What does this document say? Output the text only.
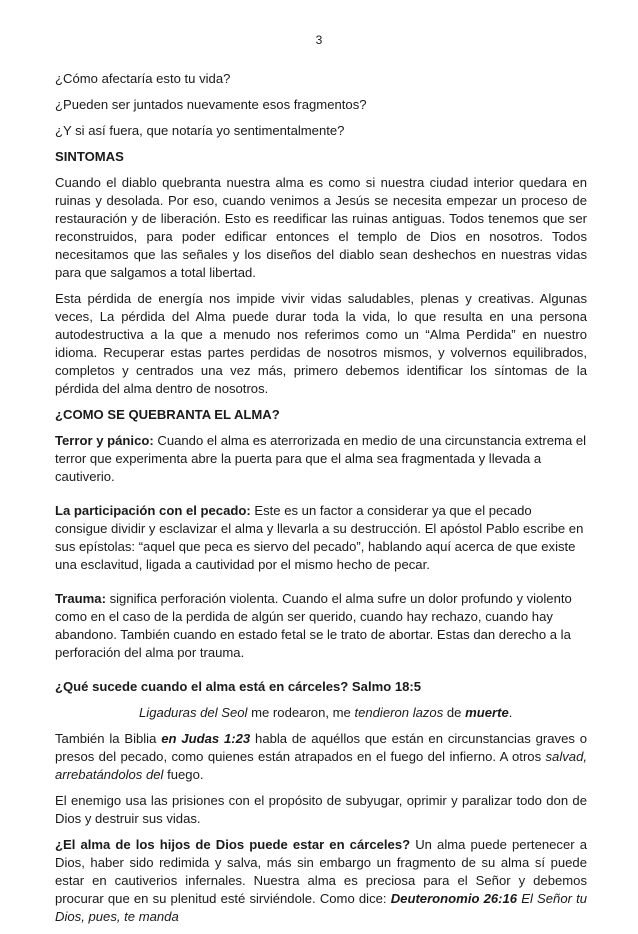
3

¿Cómo afectaría esto tu vida?

¿Pueden ser juntados nuevamente esos fragmentos?

¿Y si así fuera, que notaría yo sentimentalmente?

SINTOMAS

Cuando el diablo quebranta nuestra alma es como si nuestra ciudad interior quedara en ruinas y desolada. Por eso, cuando venimos a Jesús se necesita empezar un proceso de restauración y de liberación. Esto es reedificar las ruinas antiguas. Todos tenemos que ser reconstruidos, para poder edificar entonces el templo de Dios en nosotros. Todos necesitamos que las señales y los diseños del diablo sean deshechos en nuestras vidas para que salgamos a total libertad.

Esta pérdida de energía nos impide vivir vidas saludables, plenas y creativas. Algunas veces, La pérdida del Alma puede durar toda la vida, lo que resulta en una persona autodestructiva a la que a menudo nos referimos como un “Alma Perdida” en nuestro idioma. Recuperar estas partes perdidas de nosotros mismos, y volvernos equilibrados, completos y centrados una vez más, primero debemos identificar los síntomas de la pérdida del alma dentro de nosotros.

¿COMO SE QUEBRANTA EL ALMA?

Terror y pánico: Cuando el alma es aterrorizada en medio de una circunstancia extrema el terror que experimenta abre la puerta para que el alma sea fragmentada y llevada a cautiverio.

La participación con el pecado: Este es un factor a considerar ya que el pecado consigue dividir y esclavizar el alma y llevarla a su destrucción. El apóstol Pablo escribe en sus epístolas: “aquel que peca es siervo del pecado”, hablando aquí acerca de que existe una esclavitud, ligada a cautividad por el mismo hecho de pecar.

Trauma: significa perforación violenta. Cuando el alma sufre un dolor profundo y violento como en el caso de la perdida de algún ser querido, cuando hay rechazo, cuando hay abandono. También cuando en estado fetal se le trato de abortar. Estas dan derecho a la perforación del alma por trauma.

¿Qué sucede cuando el alma está en cárceles? Salmo 18:5

Ligaduras del Seol me rodearon, me tendieron lazos de muerte.

También la Biblia en Judas 1:23 habla de aquéllos que están en circunstancias graves o presos del pecado, como quienes están atrapados en el fuego del infierno. A otros salvad, arrebatándolos del fuego.

El enemigo usa las prisiones con el propósito de subyugar, oprimir y paralizar todo don de Dios y destruir sus vidas.

¿El alma de los hijos de Dios puede estar en cárceles? Un alma puede pertenecer a Dios, haber sido redimida y salva, más sin embargo un fragmento de su alma sí puede estar en cautiverios infernales. Nuestra alma es preciosa para el Señor y debemos procurar que en su plenitud esté sirviéndole. Como dice: Deuteronomio 26:16 El Señor tu Dios, pues, te manda
